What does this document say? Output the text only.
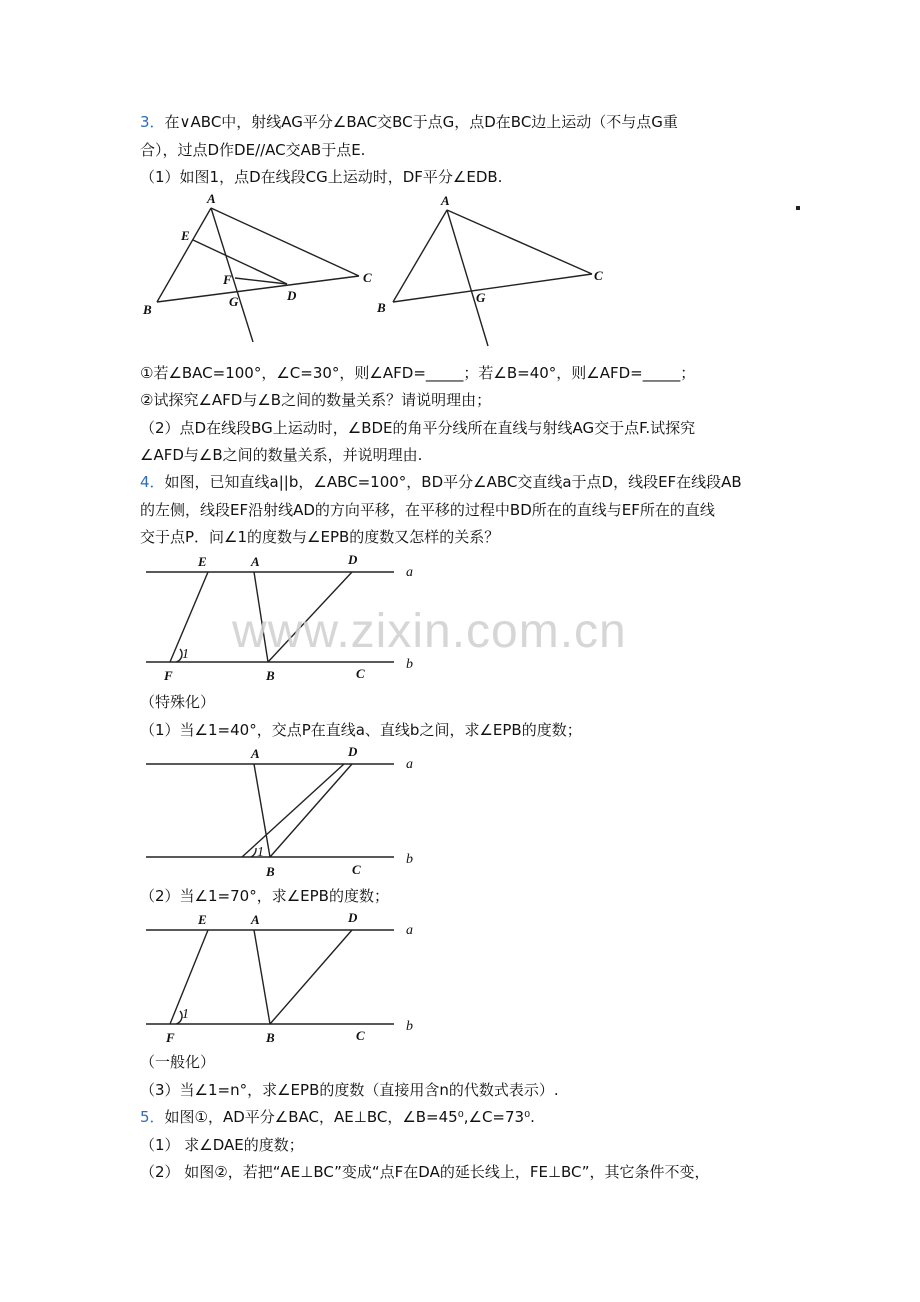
3．在∨ABC中，射线AG平分∠BAC交BC于点G，点D在BC边上运动（不与点G重
合），过点D作DE//AC交AB于点E.
（1）如图1，点D在线段CG上运动时，DF平分∠EDB.
A
B
C
D
E
F
G
A
B
C
G
①若∠BAC=100°，∠C=30°，则∠AFD=_____；若∠B=40°，则∠AFD=_____；
②试探究∠AFD与∠B之间的数量关系？请说明理由；
（2）点D在线段BG上运动时，∠BDE的角平分线所在直线与射线AG交于点F.试探究
∠AFD与∠B之间的数量关系，并说明理由.
4．如图，已知直线a||b，∠ABC=100°，BD平分∠ABC交直线a于点D，线段EF在线段AB
的左侧，线段EF沿射线AD的方向平移，在平移的过程中BD所在的直线与EF所在的直线
交于点P．问∠1的度数与∠EPB的度数又怎样的关系？
E	A	D
a
1
F	B	C
b
www.zixin.com.cn
（特殊化）
（1）当∠1=40°，交点P在直线a、直线b之间，求∠EPB的度数；
A	D
a
1
B	C
b
（2）当∠1=70°，求∠EPB的度数；
E	A	D
a
1
F	B	C
b
（一般化）
（3）当∠1=n°，求∠EPB的度数（直接用含n的代数式表示）.
5．如图①，AD平分∠BAC，AE⊥BC，∠B=45⁰,∠C=73⁰.
（1） 求∠DAE的度数；
（2） 如图②，若把“AE⊥BC”变成“点F在DA的延长线上，FE⊥BC”，其它条件不变，
